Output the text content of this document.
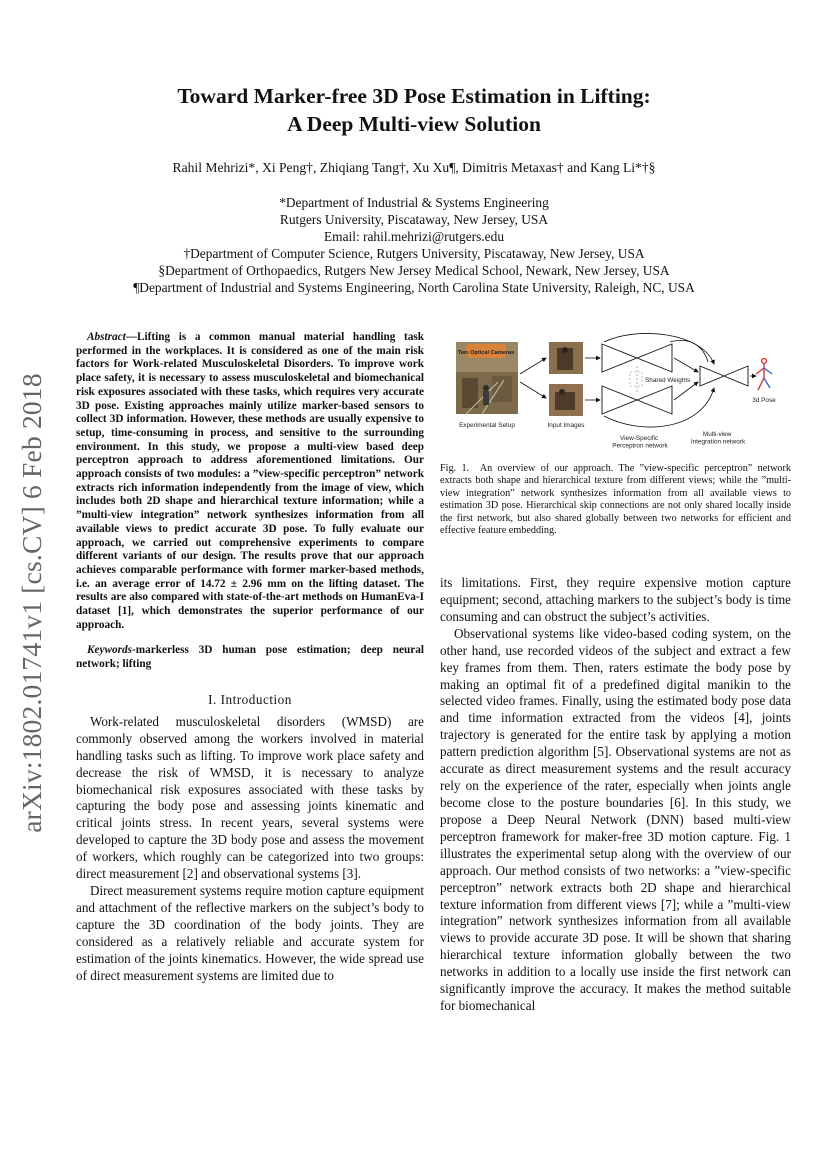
arXiv:1802.01741v1 [cs.CV] 6 Feb 2018
Toward Marker-free 3D Pose Estimation in Lifting:
A Deep Multi-view Solution
Rahil Mehrizi*, Xi Peng†, Zhiqiang Tang†, Xu Xu¶, Dimitris Metaxas† and Kang Li*†§
*Department of Industrial & Systems Engineering
Rutgers University, Piscataway, New Jersey, USA
Email: rahil.mehrizi@rutgers.edu
†Department of Computer Science, Rutgers University, Piscataway, New Jersey, USA
§Department of Orthopaedics, Rutgers New Jersey Medical School, Newark, New Jersey, USA
¶Department of Industrial and Systems Engineering, North Carolina State University, Raleigh, NC, USA

Abstract—Lifting is a common manual material handling task performed in the workplaces. It is considered as one of the main risk factors for Work-related Musculoskeletal Disorders. To improve work place safety, it is necessary to assess musculoskeletal and biomechanical risk exposures associated with these tasks, which requires very accurate 3D pose. Existing approaches mainly utilize marker-based sensors to collect 3D information. However, these methods are usually expensive to setup, time-consuming in process, and sensitive to the surrounding environment. In this study, we propose a multi-view based deep perceptron approach to address aforementioned limitations. Our approach consists of two modules: a ”view-specific perceptron” network extracts rich information independently from the image of view, which includes both 2D shape and hierarchical texture information; while a ”multi-view integration” network synthesizes information from all available views to predict accurate 3D pose. To fully evaluate our approach, we carried out comprehensive experiments to compare different variants of our design. The results prove that our approach achieves comparable performance with former marker-based methods, i.e. an average error of 14.72 ± 2.96 mm on the lifting dataset. The results are also compared with state-of-the-art methods on HumanEva-I dataset [1], which demonstrates the superior performance of our approach.

Keywords-markerless 3D human pose estimation; deep neural network; lifting

I. Introduction

Work-related musculoskeletal disorders (WMSD) are commonly observed among the workers involved in material handling tasks such as lifting. To improve work place safety and decrease the risk of WMSD, it is necessary to analyze biomechanical risk exposures associated with these tasks by capturing the body pose and assessing joints kinematic and critical joints stress. In recent years, several systems were developed to capture the 3D body pose and assess the movement of workers, which roughly can be categorized into two groups: direct measurement [2] and observational systems [3].

Direct measurement systems require motion capture equipment and attachment of the reflective markers on the subject’s body to capture the 3D coordination of the body joints. They are considered as a relatively reliable and accurate system for estimation of the joints kinematics. However, the wide spread use of direct measurement systems are limited due to

Two Optical Cameras
Experimental Setup	Input Images
Shared Weights
3d Pose
View-Specific Perceptron network
Multi-view Integration network

Fig. 1. An overview of our approach. The ”view-specific perceptron” network extracts both shape and hierarchical texture from different views; while the ”multi-view integration” network synthesizes information from all available views to estimation 3D pose. Hierarchical skip connections are not only shared locally inside the first network, but also shared globally between two networks for efficient and effective feature embedding.

its limitations. First, they require expensive motion capture equipment; second, attaching markers to the subject’s body is time consuming and can obstruct the subject’s activities.

Observational systems like video-based coding system, on the other hand, use recorded videos of the subject and extract a few key frames from them. Then, raters estimate the body pose by making an optimal fit of a predefined digital manikin to the selected video frames. Finally, using the estimated body pose data and time information extracted from the videos [4], joints trajectory is generated for the entire task by applying a motion pattern prediction algorithm [5]. Observational systems are not as accurate as direct measurement systems and the result accuracy rely on the experience of the rater, especially when joints angle become close to the posture boundaries [6]. In this study, we propose a Deep Neural Network (DNN) based multi-view perceptron framework for maker-free 3D motion capture. Fig. 1 illustrates the experimental setup along with the overview of our approach. Our method consists of two networks: a ”view-specific perceptron” network extracts both 2D shape and hierarchical texture information from different views [7]; while a ”multi-view integration” network synthesizes information from all available views to provide accurate 3D pose. It will be shown that sharing hierarchical texture information globally between the two networks in addition to a locally use inside the first network can significantly improve the accuracy. It makes the method suitable for biomechanical
